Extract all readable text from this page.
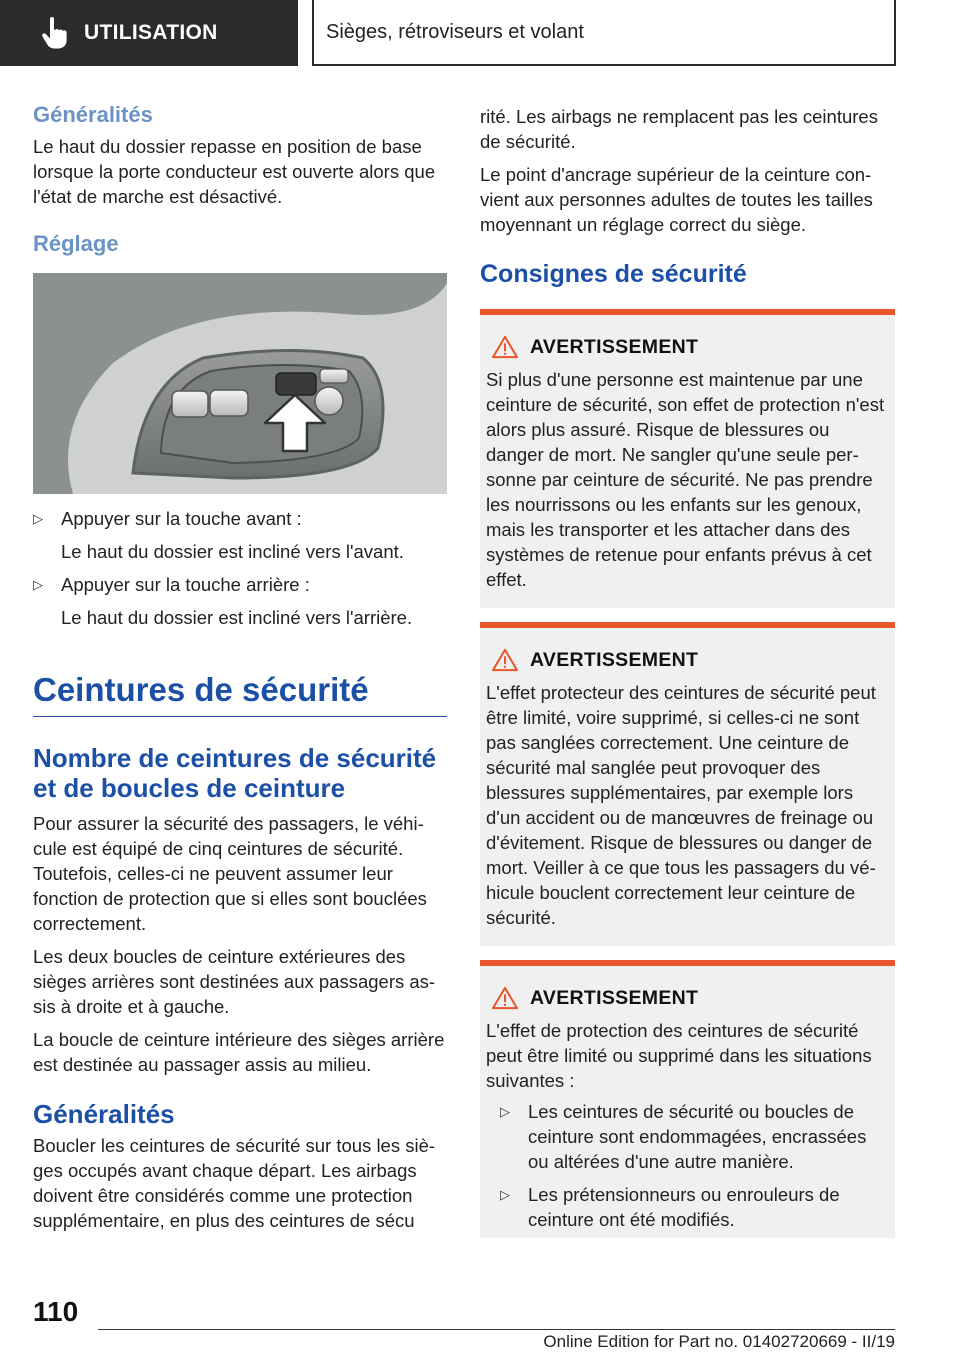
UTILISATION	Sièges, rétroviseurs et volant
Généralités

Le haut du dossier repasse en position de base lorsque la porte conducteur est ouverte alors que l'état de marche est désactivé.

Réglage
▷ Appuyer sur la touche avant :
Le haut du dossier est incliné vers l'avant.
▷ Appuyer sur la touche arrière :
Le haut du dossier est incliné vers l'arrière.
Ceintures de sécurité
Nombre de ceintures de sécurité et de boucles de ceinture

Pour assurer la sécurité des passagers, le véhicule est équipé de cinq ceintures de sécurité. Toutefois, celles-ci ne peuvent assumer leur fonction de protection que si elles sont bouclées correctement.

Les deux boucles de ceinture extérieures des sièges arrières sont destinées aux passagers assis à droite et à gauche.

La boucle de ceinture intérieure des sièges arrière est destinée au passager assis au milieu.

Généralités

Boucler les ceintures de sécurité sur tous les sièges occupés avant chaque départ. Les airbags doivent être considérés comme une protection supplémentaire, en plus des ceintures de sécu

rité. Les airbags ne remplacent pas les ceintures de sécurité.

Le point d'ancrage supérieur de la ceinture convient aux personnes adultes de toutes les tailles moyennant un réglage correct du siège.

Consignes de sécurité
AVERTISSEMENT

Si plus d'une personne est maintenue par une ceinture de sécurité, son effet de protection n'est alors plus assuré. Risque de blessures ou danger de mort. Ne sangler qu'une seule personne par ceinture de sécurité. Ne pas prendre les nourrissons ou les enfants sur les genoux, mais les transporter et les attacher dans des systèmes de retenue pour enfants prévus à cet effet.

AVERTISSEMENT

L'effet protecteur des ceintures de sécurité peut être limité, voire supprimé, si celles-ci ne sont pas sanglées correctement. Une ceinture de sécurité mal sanglée peut provoquer des blessures supplémentaires, par exemple lors d'un accident ou de manœuvres de freinage ou d'évitement. Risque de blessures ou danger de mort. Veiller à ce que tous les passagers du véhicule bouclent correctement leur ceinture de sécurité.

AVERTISSEMENT

L'effet de protection des ceintures de sécurité peut être limité ou supprimé dans les situations suivantes :

▷ Les ceintures de sécurité ou boucles de ceinture sont endommagées, encrassées ou altérées d'une autre manière.
▷ Les prétensionneurs ou enrouleurs de ceinture ont été modifiés.
110
Online Edition for Part no. 01402720669 - II/19
